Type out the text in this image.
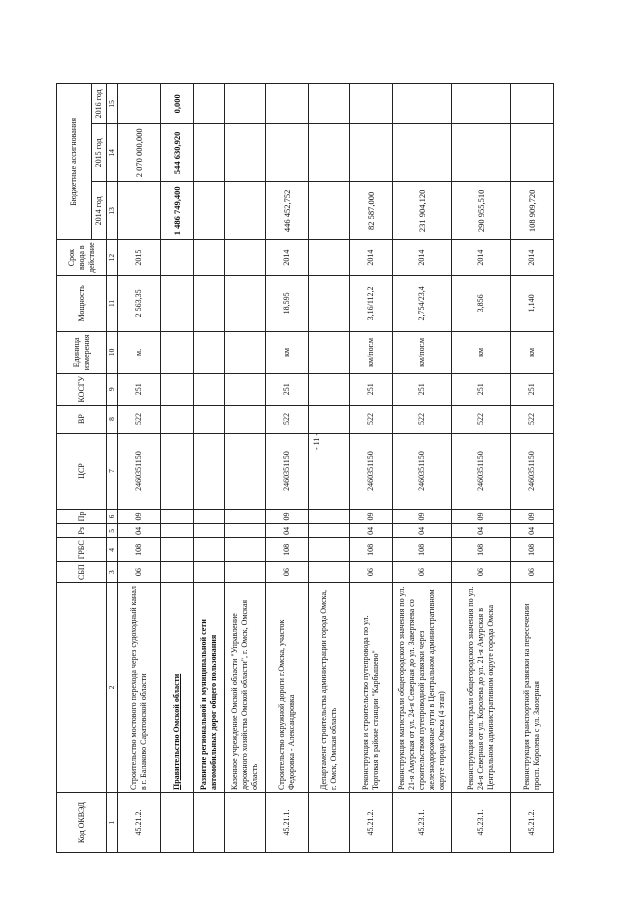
Код ОКВЭД		СБП	ГРБС	Рз	Пр	ЦСР	ВР	КОСГУ	Единица измерения	Мощность	Срок ввода в действие	Бюджетные ассигнования		
												2014 год	2015 год	2016 год
1	2	3	4	5	6	7	8	9	10	11	12	13	14	15
45.21.2.	Строительство мостового перехода через судоходный канал в г. Балаково Саратовской области	06	108	04	09	2460351150	522	251	м.	2 563,35	2015		2 070 000,000	
	Правительство Омской области											1 486 749,400	544 630,920	0,000
	Развитие региональной и муниципальной сети автомобильных дорог общего пользования													
	Казенное учреждение Омской области "Управление дорожного хозяйства Омской области", г. Омск, Омская область													
45.21.1.	Строительство окружной дороги г.Омска, участок Федоровка - Александровка	06	108	04	09	2460351150	522	251	км	18,595	2014	446 452,752		
	Департамент строительства администрации города Омска, г. Омск, Омская область													
45.21.2.	Реконструкция и строительство путепровода по ул. Торговая в районе станции "Карбышево"	06	108	04	09	2460351150	522	251	км/пог.м	3,16/112,2	2014	82 587,000		
45.23.1.	Реконструкция магистрали общегородского значения по ул. 21-я Амурская от ул. 24-я Северная до ул. Завертяева со строительством путепроводной развязки через железнодорожные пути в Центральном административном округе города Омска (4 этап)	06	108	04	09	2460351150	522	251	км/пог.м	2,754/23,4	2014	231 904,120		
45.23.1.	Реконструкция магистрали общегородского значения по ул. 24-я Северная от ул. Королева до ул. 21-я Амурская в Центральном административном округе города Омска	06	108	04	09	2460351150	522	251	км	3,856	2014	290 955,510		
45.21.2.	Реконструкция транспортной развязки на пересечении просп. Королева с ул. Заозерная	06	108	04	09	2460351150	522	251	км	1,140	2014	108 909,720		
- 11 -
